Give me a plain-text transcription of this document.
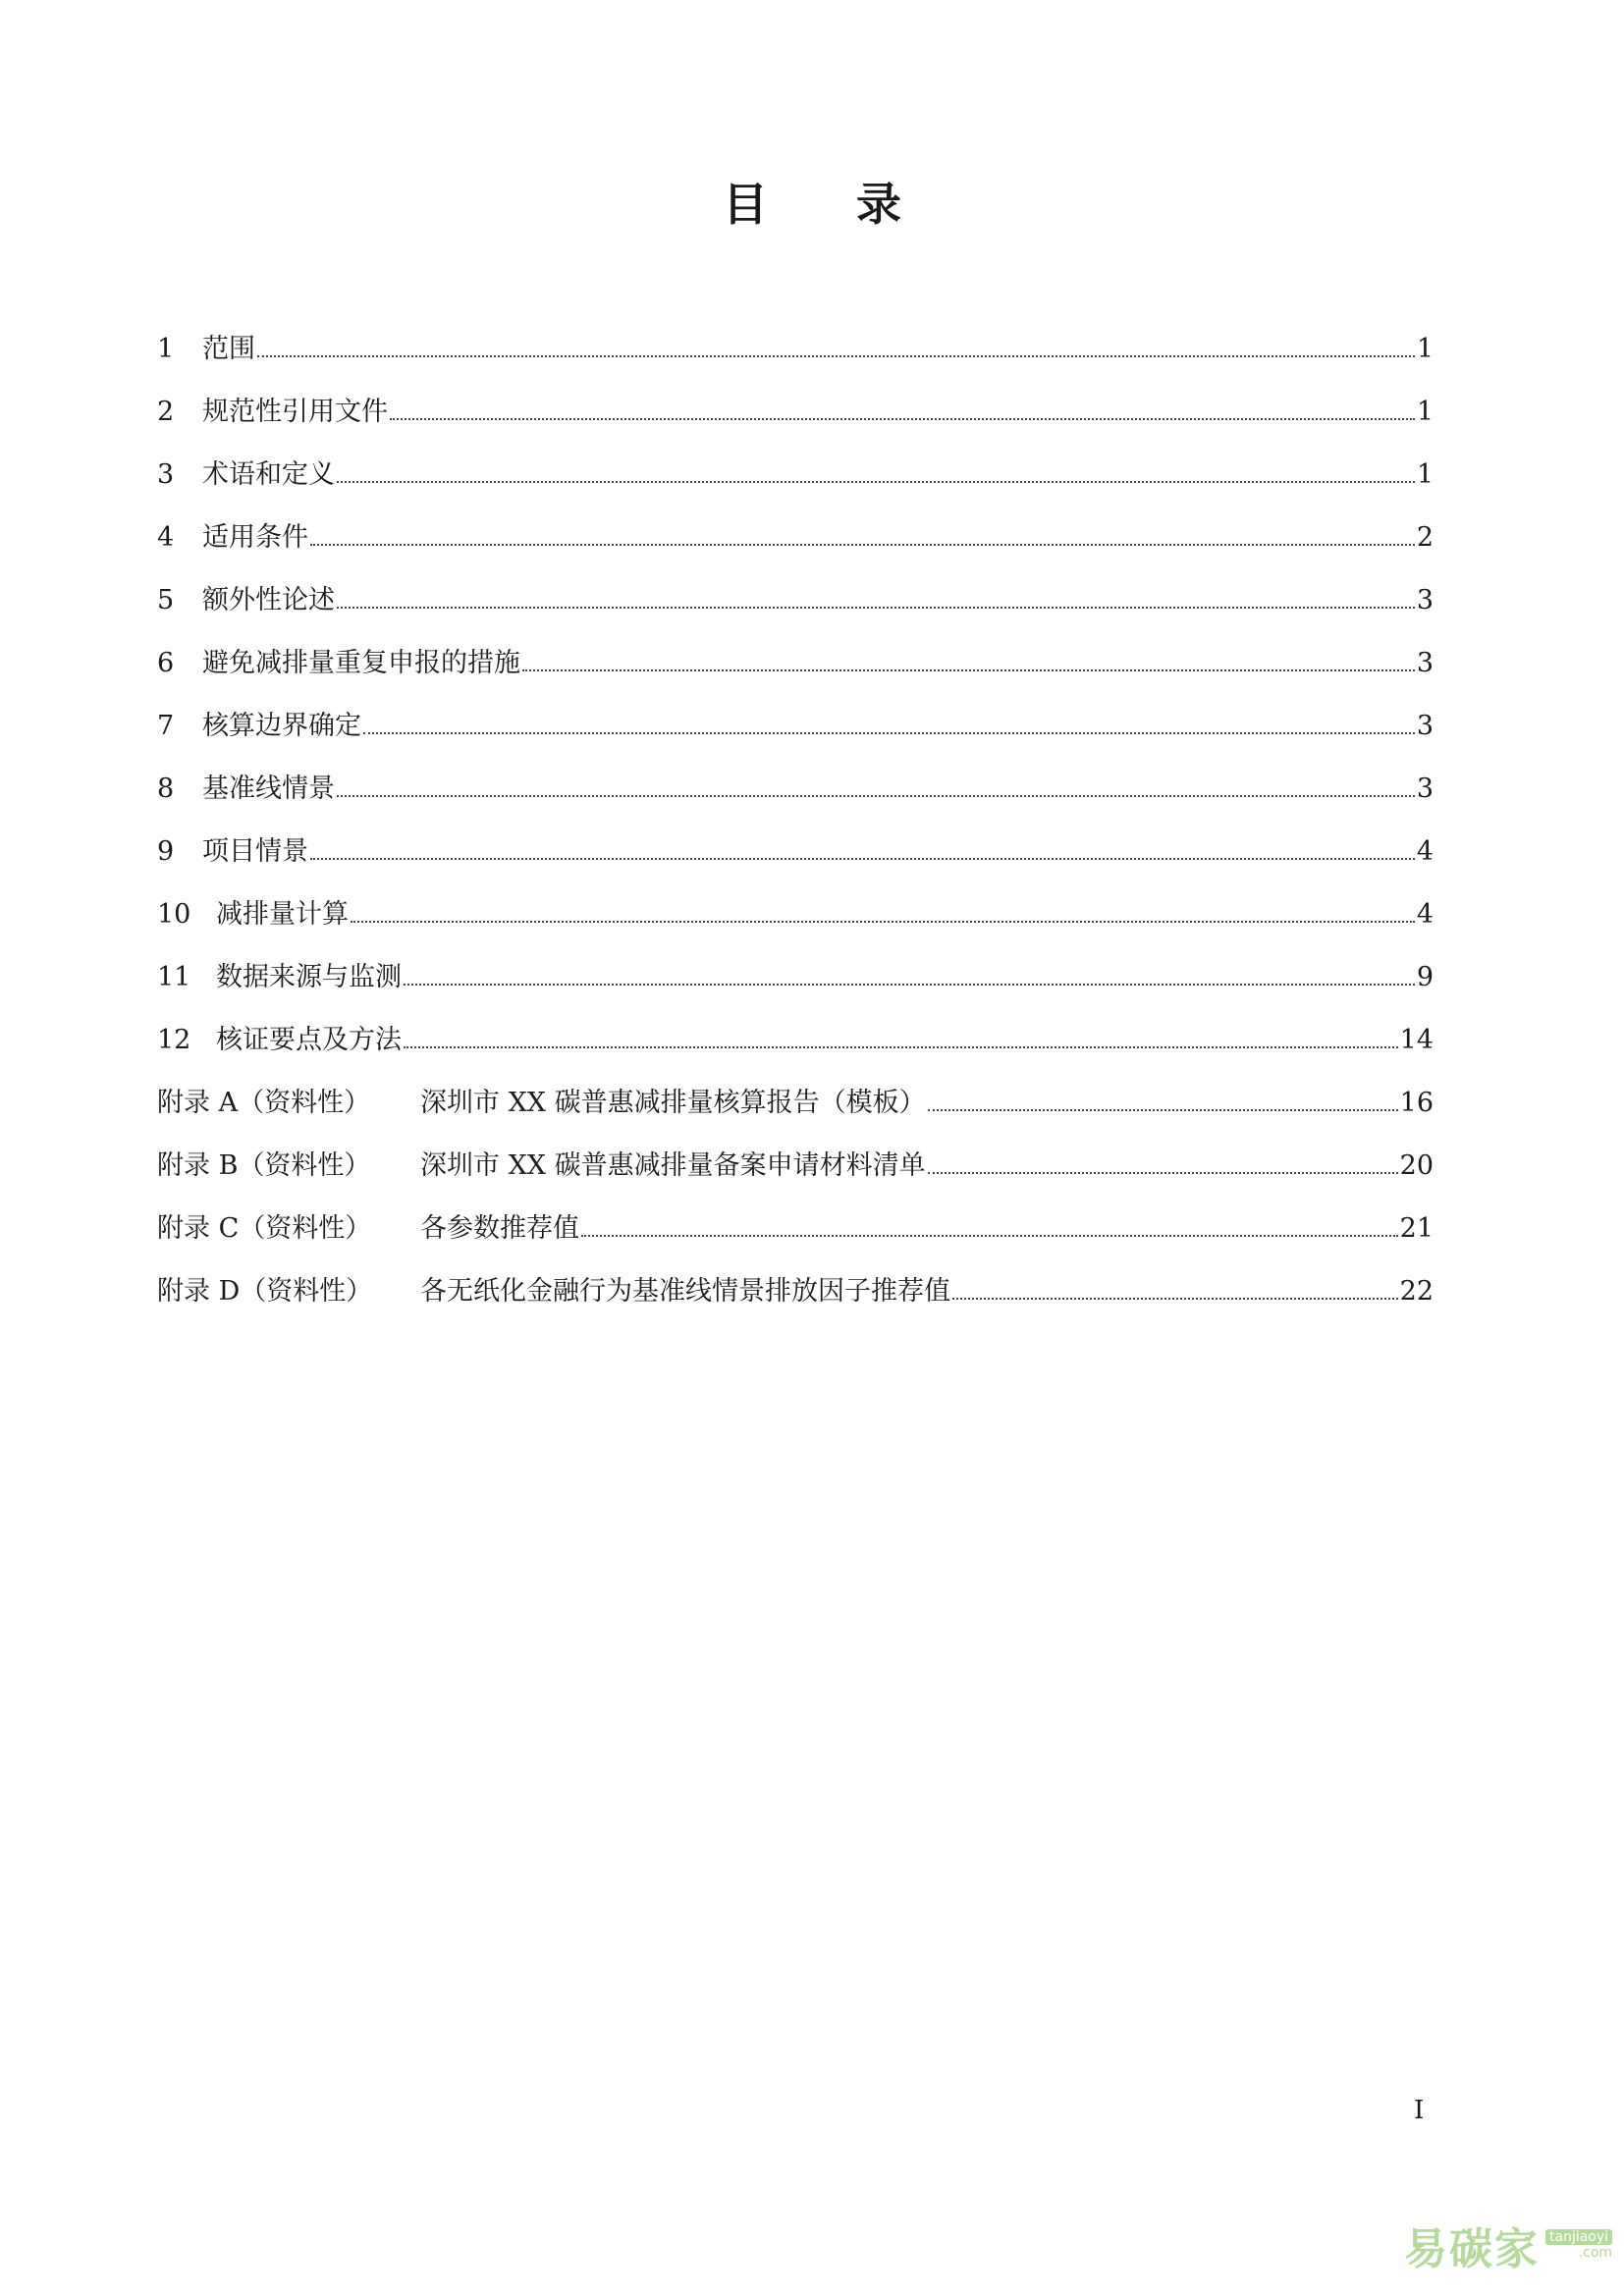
目录
1	范围	1
2	规范性引用文件	1
3	术语和定义	1
4	适用条件	2
5	额外性论述	3
6	避免减排量重复申报的措施	3
7	核算边界确定	3
8	基准线情景	3
9	项目情景	4
10 减排量计算	4
11 数据来源与监测	9
12 核证要点及方法	14
附录 A（资料性）	深圳市 XX 碳普惠减排量核算报告（模板）	16
附录 B（资料性）	深圳市 XX 碳普惠减排量备案申请材料清单	20
附录 C（资料性）	各参数推荐值	21
附录 D（资料性）	各无纸化金融行为基准线情景排放因子推荐值	22
I
易碳家 tanjiaoyi
.com
